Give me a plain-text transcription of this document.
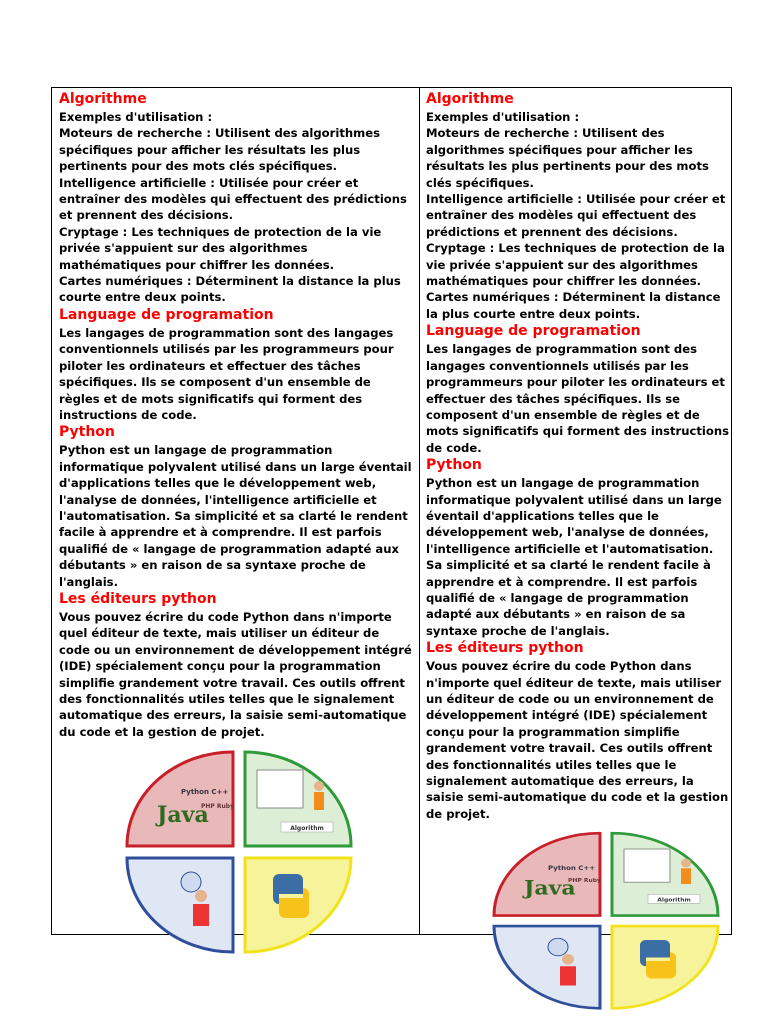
Algorithme

Exemples d'utilisation :

Moteurs de recherche : Utilisent des algorithmes spécifiques pour afficher les résultats les plus pertinents pour des mots clés spécifiques.

Intelligence artificielle : Utilisée pour créer et entraîner des modèles qui effectuent des prédictions et prennent des décisions.

Cryptage : Les techniques de protection de la vie privée s'appuient sur des algorithmes mathématiques pour chiffrer les données.

Cartes numériques : Déterminent la distance la plus courte entre deux points.

Language de programation

Les langages de programmation sont des langages conventionnels utilisés par les programmeurs pour piloter les ordinateurs et effectuer des tâches spécifiques. Ils se composent d'un ensemble de règles et de mots significatifs qui forment des instructions de code.

Python

Python est un langage de programmation informatique polyvalent utilisé dans un large éventail d'applications telles que le développement web, l'analyse de données, l'intelligence artificielle et l'automatisation. Sa simplicité et sa clarté le rendent facile à apprendre et à comprendre. Il est parfois qualifié de « langage de programmation adapté aux débutants » en raison de sa syntaxe proche de l'anglais.

Les éditeurs python

Vous pouvez écrire du code Python dans n'importe quel éditeur de texte, mais utiliser un éditeur de code ou un environnement de développement intégré (IDE) spécialement conçu pour la programmation simplifie grandement votre travail. Ces outils offrent des fonctionnalités utiles telles que le signalement automatique des erreurs, la saisie semi-automatique du code et la gestion de projet.

Java
Python C++
PHP Ruby
Algorithm
Algorithme

Exemples d'utilisation :

Moteurs de recherche : Utilisent des algorithmes spécifiques pour afficher les résultats les plus pertinents pour des mots clés spécifiques.

Intelligence artificielle : Utilisée pour créer et entraîner des modèles qui effectuent des prédictions et prennent des décisions.

Cryptage : Les techniques de protection de la vie privée s'appuient sur des algorithmes mathématiques pour chiffrer les données.

Cartes numériques : Déterminent la distance la plus courte entre deux points.

Language de programation

Les langages de programmation sont des langages conventionnels utilisés par les programmeurs pour piloter les ordinateurs et effectuer des tâches spécifiques. Ils se composent d'un ensemble de règles et de mots significatifs qui forment des instructions de code.

Python

Python est un langage de programmation informatique polyvalent utilisé dans un large éventail d'applications telles que le développement web, l'analyse de données, l'intelligence artificielle et l'automatisation. Sa simplicité et sa clarté le rendent facile à apprendre et à comprendre. Il est parfois qualifié de « langage de programmation adapté aux débutants » en raison de sa syntaxe proche de l'anglais.

Les éditeurs python

Vous pouvez écrire du code Python dans n'importe quel éditeur de texte, mais utiliser un éditeur de code ou un environnement de développement intégré (IDE) spécialement conçu pour la programmation simplifie grandement votre travail. Ces outils offrent des fonctionnalités utiles telles que le signalement automatique des erreurs, la saisie semi-automatique du code et la gestion de projet.

Java
Python C++
PHP Ruby
Algorithm
